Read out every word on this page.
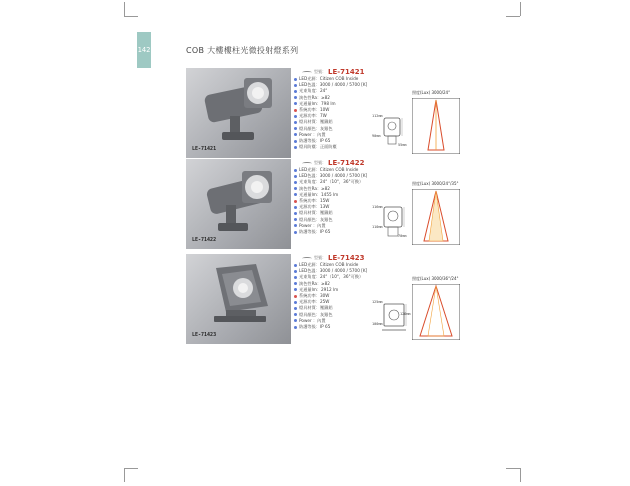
142	COB 大樓樓柱光微投射燈系列
LE-71421
型號： LE-71421
LED光源：Citizen COB Inside
LED色溫：3000 / 4000 / 5700 [K]
光束角度：24°
演色性Ra：≥82
光通量lm：798 lm
系統功率：10W
光源功率：7W
燈具材質：壓鑄鋁
燈具顏色：灰銀色
Power ：內置
防護等級：IP 65
燈具防塵：正面防塵
112mm
90mm
55mm
照度(Lux) 3000/24°
LE-71422
型號： LE-71422
LED光源：Citizen COB Inside
LED色溫：3000 / 4000 / 5700 [K]
光束角度：24°（10°，36°可換）
演色性Ra：≥82
光通量lm：1455 lm
系統功率：15W
光源功率：13W
燈具材質：壓鑄鋁
燈具顏色：灰銀色
Power ：內置
防護等級：IP 65
116mm
110mm
70mm
照度(Lux) 3000/24°/35°
LE-71423
型號： LE-71423
LED光源：Citizen COB Inside
LED色溫：3000 / 4000 / 5700 [K]
光束角度：24°（10°，36°可換）
演色性Ra：≥82
光通量lm：2912 lm
系統功率：30W
光源功率：25W
燈具材質：壓鑄鋁
燈具顏色：灰銀色
Power ：內置
防護等級：IP 65
125mm
100mm
120mm
照度(Lux) 3000/36°/24°
